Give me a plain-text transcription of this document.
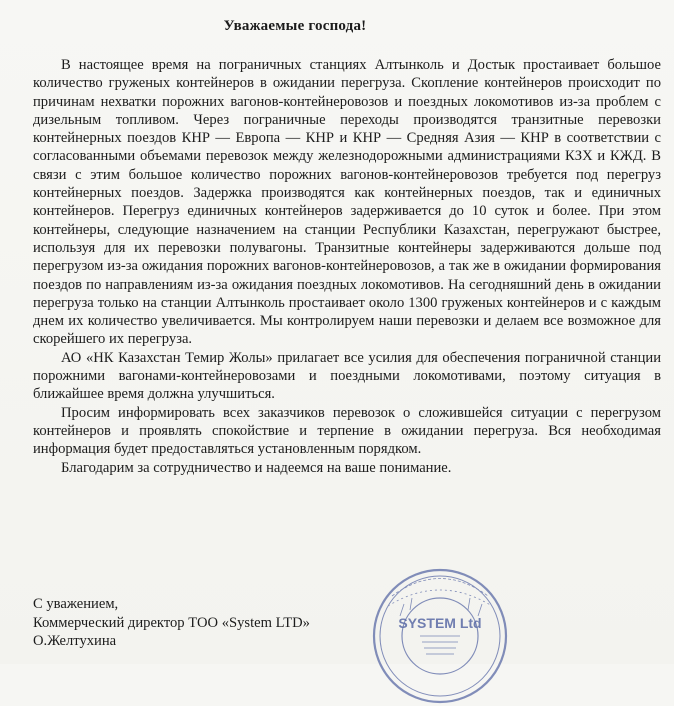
Уважаемые господа!

В настоящее время на пограничных станциях Алтынколь и Достык простаивает большое количество груженых контейнеров в ожидании перегруза. Скопление контейнеров происходит по причинам нехватки порожних вагонов-контейнеровозов и поездных локомотивов из-за проблем с дизельным топливом. Через пограничные переходы производятся транзитные перевозки контейнерных поездов КНР — Европа — КНР и КНР — Средняя Азия — КНР в соответствии с согласованными объемами перевозок между железнодорожными администрациями КЗХ и КЖД. В связи с этим большое количество порожних вагонов-контейнеровозов требуется под перегруз контейнерных поездов. Задержка производятся как контейнерных поездов, так и единичных контейнеров. Перегруз единичных контейнеров задерживается до 10 суток и более. При этом контейнеры, следующие назначением на станции Республики Казахстан, перегружают быстрее, используя для их перевозки полувагоны. Транзитные контейнеры задерживаются дольше под перегрузом из-за ожидания порожних вагонов-контейнеровозов, а так же в ожидании формирования поездов по направлениям из-за ожидания поездных локомотивов. На сегодняшний день в ожидании перегруза только на станции Алтынколь простаивает около 1300 груженых контейнеров и с каждым днем их количество увеличивается. Мы контролируем наши перевозки и делаем все возможное для скорейшего их перегруза.

АО «НК Казахстан Темир Жолы» прилагает все усилия для обеспечения пограничной станции порожними вагонами-контейнеровозами и поездными локомотивами, поэтому ситуация в ближайшее время должна улучшиться.

Просим информировать всех заказчиков перевозок о сложившейся ситуации с перегрузом контейнеров и проявлять спокойствие и терпение в ожидании перегруза. Вся необходимая информация будет предоставляться установленным порядком.

Благодарим за сотрудничество и надеемся на ваше понимание.

С уважением,
Коммерческий директор ТОО «System LTD»
О.Желтухина
SYSTEM Ltd
